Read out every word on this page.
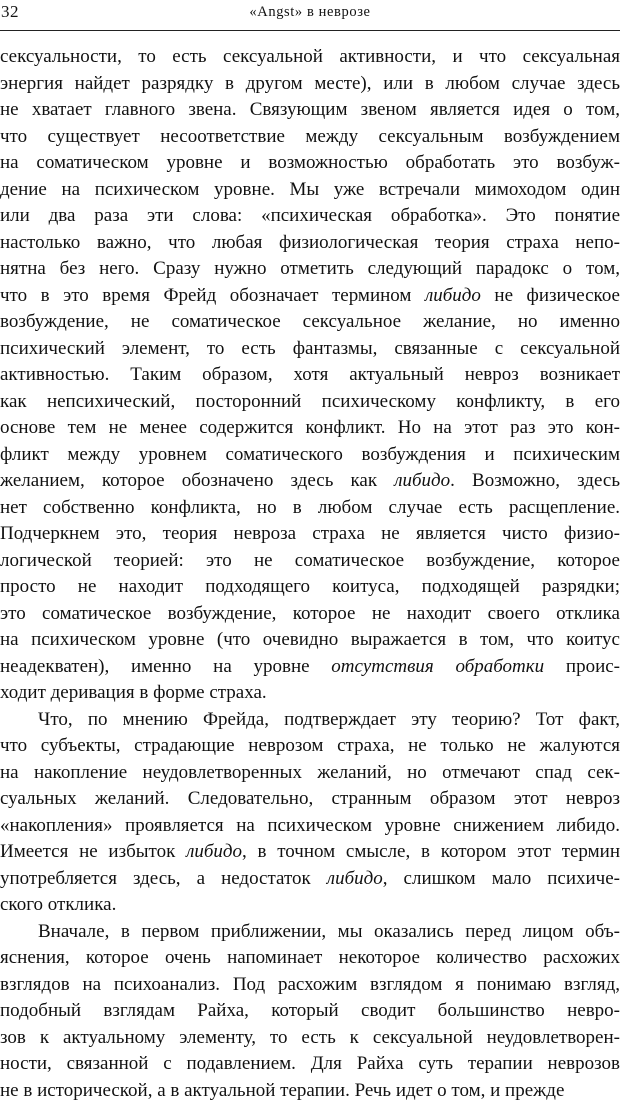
32	«Angst» в неврозе
сексуальности, то есть сексуальной активности, и что сексуальная
энергия найдет разрядку в другом месте), или в любом случае здесь
не хватает главного звена. Связующим звеном является идея о том,
что существует несоответствие между сексуальным возбуждением
на соматическом уровне и возможностью обработать это возбуж-
дение на психическом уровне. Мы уже встречали мимоходом один
или два раза эти слова: «психическая обработка». Это понятие
настолько важно, что любая физиологическая теория страха непо-
нятна без него. Сразу нужно отметить следующий парадокс о том,
что в это время Фрейд обозначает термином либидо не физическое
возбуждение, не соматическое сексуальное желание, но именно
психический элемент, то есть фантазмы, связанные с сексуальной
активностью. Таким образом, хотя актуальный невроз возникает
как непсихический, посторонний психическому конфликту, в его
основе тем не менее содержится конфликт. Но на этот раз это кон-
фликт между уровнем соматического возбуждения и психическим
желанием, которое обозначено здесь как либидо. Возможно, здесь
нет собственно конфликта, но в любом случае есть расщепление.
Подчеркнем это, теория невроза страха не является чисто физио-
логической теорией: это не соматическое возбуждение, которое
просто не находит подходящего коитуса, подходящей разрядки;
это соматическое возбуждение, которое не находит своего отклика
на психическом уровне (что очевидно выражается в том, что коитус
неадекватен), именно на уровне отсутствия обработки проис-
ходит деривация в форме страха.
Что, по мнению Фрейда, подтверждает эту теорию? Тот факт,
что субъекты, страдающие неврозом страха, не только не жалуются
на накопление неудовлетворенных желаний, но отмечают спад сек-
суальных желаний. Следовательно, странным образом этот невроз
«накопления» проявляется на психическом уровне снижением либидо.
Имеется не избыток либидо, в точном смысле, в котором этот термин
употребляется здесь, а недостаток либидо, слишком мало психиче-
ского отклика.
Вначале, в первом приближении, мы оказались перед лицом объ-
яснения, которое очень напоминает некоторое количество расхожих
взглядов на психоанализ. Под расхожим взглядом я понимаю взгляд,
подобный взглядам Райха, который сводит большинство невро-
зов к актуальному элементу, то есть к сексуальной неудовлетворен-
ности, связанной с подавлением. Для Райха суть терапии неврозов
не в исторической, а в актуальной терапии. Речь идет о том, и прежде
